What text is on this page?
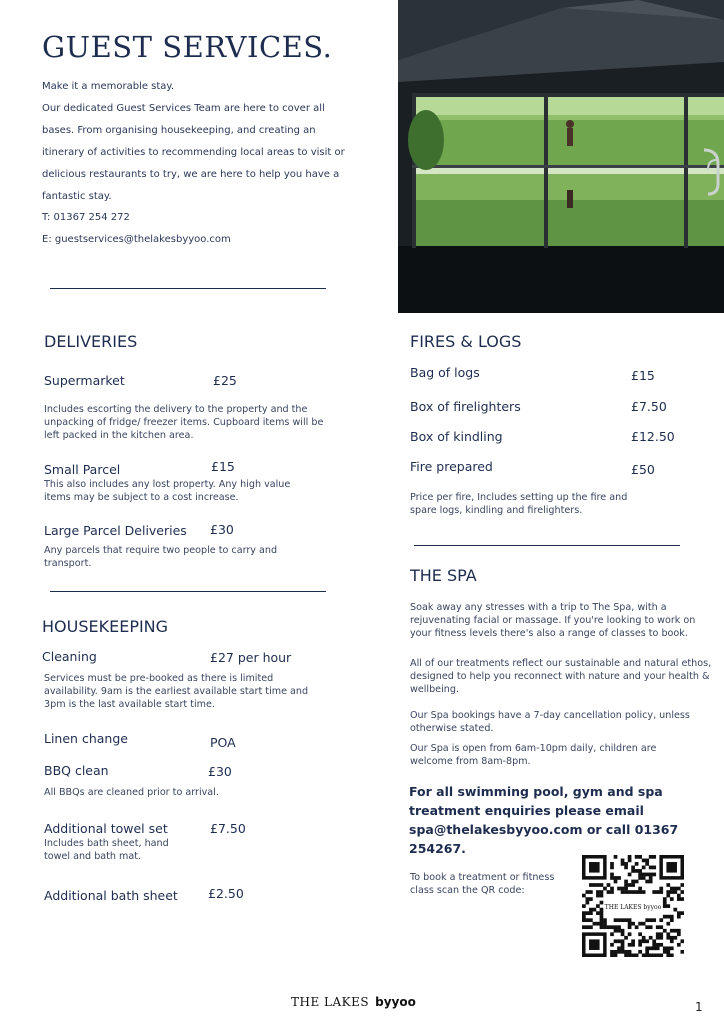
GUEST SERVICES.
Make it a memorable stay.
Our dedicated Guest Services Team are here to cover all
bases. From organising housekeeping, and creating an
itinerary of activities to recommending local areas to visit or
delicious restaurants to try, we are here to help you have a
fantastic stay.
T: 01367 254 272
E: guestservices@thelakesbyyoo.com
DELIVERIES
Supermarket	£25
Includes escorting the delivery to the property and the unpacking of fridge/ freezer items. Cupboard items will be left packed in the kitchen area.
Small Parcel	£15
This also includes any lost property. Any high value items may be subject to a cost increase.
Large Parcel Deliveries £30
Any parcels that require two people to carry and transport.
HOUSEKEEPING
Cleaning	£27 per hour
Services must be pre-booked as there is limited availability. 9am is the earliest available start time and 3pm is the last available start time.
Linen change	POA
BBQ clean	£30
All BBQs are cleaned prior to arrival.
Additional towel set	£7.50
Includes bath sheet, hand towel and bath mat.
Additional bath sheet £2.50
FIRES & LOGS
Bag of logs	£15
Box of firelighters	£7.50
Box of kindling	£12.50
Fire prepared	£50
Price per fire, Includes setting up the fire and spare logs, kindling and firelighters.
THE SPA
Soak away any stresses with a trip to The Spa, with a rejuvenating facial or massage. If you're looking to work on your fitness levels there's also a range of classes to book.
All of our treatments reflect our sustainable and natural ethos, designed to help you reconnect with nature and your health & wellbeing.
Our Spa bookings have a 7-day cancellation policy, unless otherwise stated.
Our Spa is open from 6am-10pm daily, children are welcome from 8am-8pm.
For all swimming pool, gym and spa treatment enquiries please email spa@thelakesbyyoo.com or call 01367 254267.
To book a treatment or fitness class scan the QR code:
THE LAKES byyoo
THE LAKES byyoo	1
